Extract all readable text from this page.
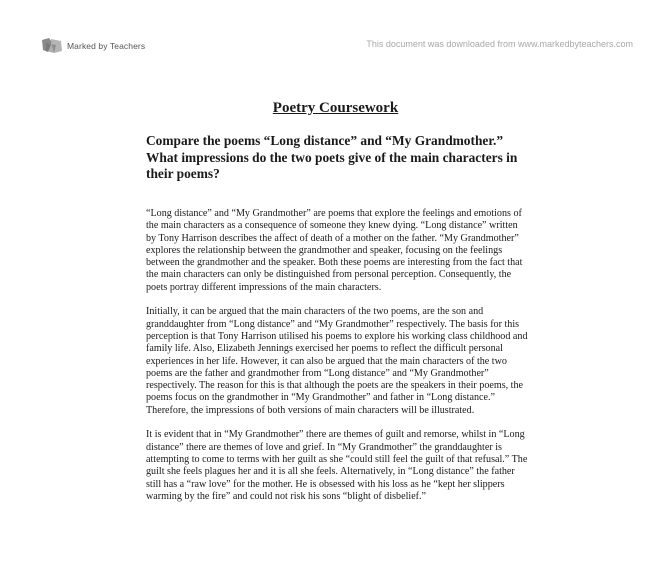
Marked by Teachers	This document was downloaded from www.markedbyteachers.com
Poetry Coursework
Compare the poems “Long distance” and “My Grandmother.” What impressions do the two poets give of the main characters in their poems?

“Long distance” and “My Grandmother” are poems that explore the feelings and emotions of the main characters as a consequence of someone they knew dying. “Long distance” written by Tony Harrison describes the affect of death of a mother on the father. “My Grandmother” explores the relationship between the grandmother and speaker, focusing on the feelings between the grandmother and the speaker. Both these poems are interesting from the fact that the main characters can only be distinguished from personal perception. Consequently, the poets portray different impressions of the main characters.

Initially, it can be argued that the main characters of the two poems, are the son and granddaughter from “Long distance” and “My Grandmother” respectively. The basis for this perception is that Tony Harrison utilised his poems to explore his working class childhood and family life. Also, Elizabeth Jennings exercised her poems to reflect the difficult personal experiences in her life. However, it can also be argued that the main characters of the two poems are the father and grandmother from “Long distance” and “My Grandmother” respectively. The reason for this is that although the poets are the speakers in their poems, the poems focus on the grandmother in “My Grandmother” and father in “Long distance.” Therefore, the impressions of both versions of main characters will be illustrated.

It is evident that in “My Grandmother” there are themes of guilt and remorse, whilst in “Long distance” there are themes of love and grief. In “My Grandmother” the granddaughter is attempting to come to terms with her guilt as she “could still feel the guilt of that refusal.” The guilt she feels plagues her and it is all she feels. Alternatively, in “Long distance” the father still has a “raw love” for the mother. He is obsessed with his loss as he “kept her slippers warming by the fire” and could not risk his sons “blight of disbelief.”
